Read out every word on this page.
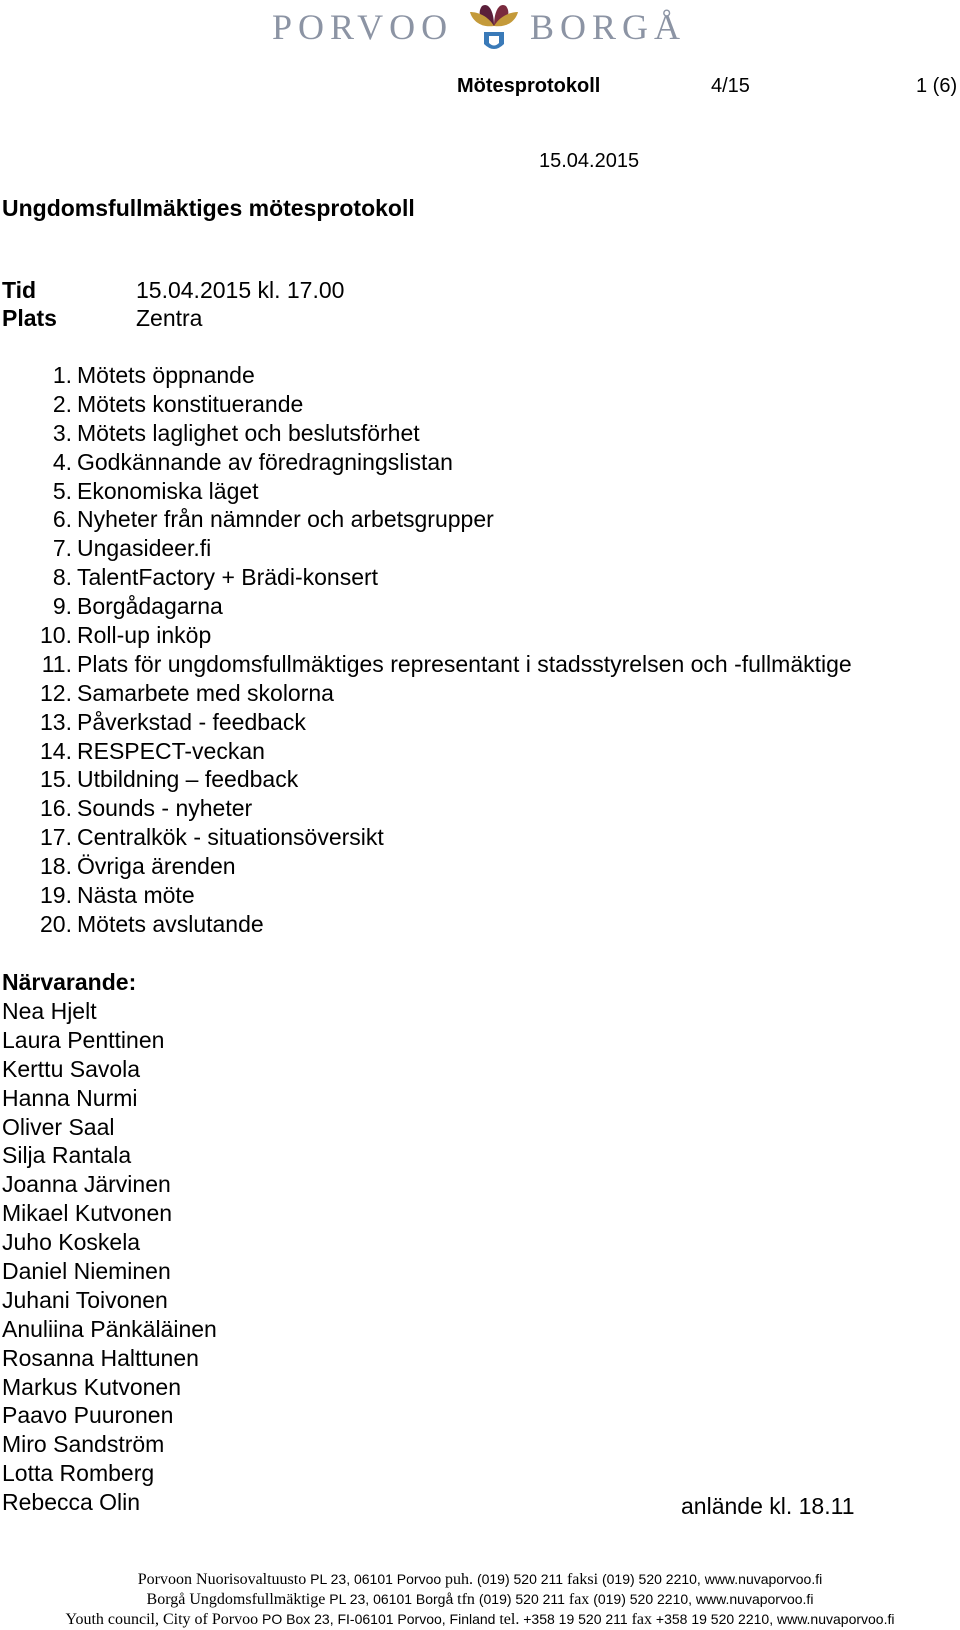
PORVOO BORGÅ
Mötesprotokoll	4/15	1 (6)
15.04.2015
Ungdomsfullmäktiges mötesprotokoll
Tid	15.04.2015 kl. 17.00
Plats	Zentra
1. Mötets öppnande
2. Mötets konstituerande
3. Mötets laglighet och beslutsförhet
4. Godkännande av föredragningslistan
5. Ekonomiska läget
6. Nyheter från nämnder och arbetsgrupper
7. Ungasideer.fi
8. TalentFactory + Brädi-konsert
9. Borgådagarna
10. Roll-up inköp
11. Plats för ungdomsfullmäktiges representant i stadsstyrelsen och -fullmäktige
12. Samarbete med skolorna
13. Påverkstad - feedback
14. RESPECT-veckan
15. Utbildning – feedback
16. Sounds - nyheter
17. Centralkök - situationsöversikt
18. Övriga ärenden
19. Nästa möte
20. Mötets avslutande
Närvarande:
Nea Hjelt
Laura Penttinen
Kerttu Savola
Hanna Nurmi
Oliver Saal
Silja Rantala
Joanna Järvinen
Mikael Kutvonen
Juho Koskela
Daniel Nieminen
Juhani Toivonen
Anuliina Pänkäläinen
Rosanna Halttunen
Markus Kutvonen
Paavo Puuronen
Miro Sandström
Lotta Romberg
Rebecca Olin	anlände kl. 18.11
Porvoon Nuorisovaltuusto PL 23, 06101 Porvoo puh. (019) 520 211 faksi (019) 520 2210, www.nuvaporvoo.fi
Borgå Ungdomsfullmäktige PL 23, 06101 Borgå tfn (019) 520 211 fax (019) 520 2210, www.nuvaporvoo.fi
Youth council, City of Porvoo PO Box 23, FI-06101 Porvoo, Finland tel. +358 19 520 211 fax +358 19 520 2210, www.nuvaporvoo.fi
